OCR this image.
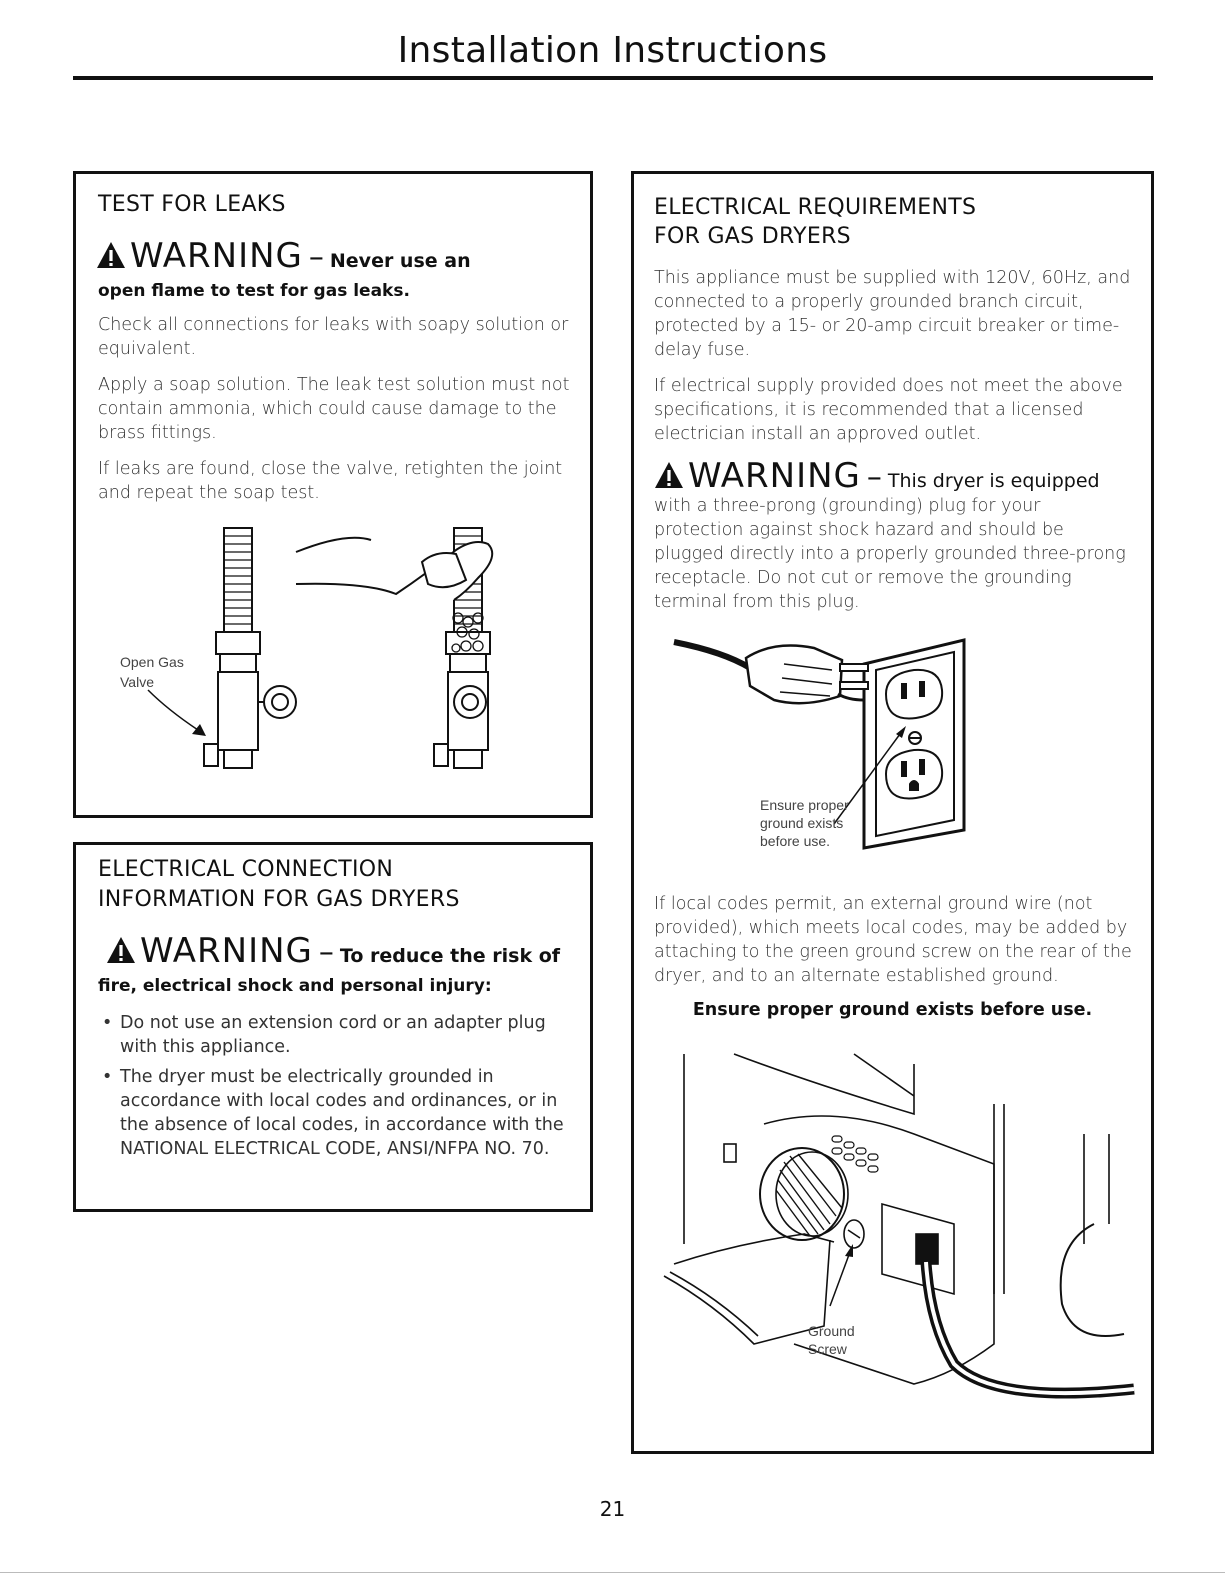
Installation Instructions
TEST FOR LEAKS
WARNING – Never use an
open flame to test for gas leaks.
Check all connections for leaks with soapy solution or equivalent.
Apply a soap solution. The leak test solution must not contain ammonia, which could cause damage to the brass fittings.
If leaks are found, close the valve, retighten the joint and repeat the soap test.
Open Gas
Valve
ELECTRICAL CONNECTION
INFORMATION FOR GAS DRYERS
WARNING – To reduce the risk of
fire, electrical shock and personal injury:
• Do not use an extension cord or an adapter plug with this appliance.
• The dryer must be electrically grounded in accordance with local codes and ordinances, or in the absence of local codes, in accordance with the NATIONAL ELECTRICAL CODE, ANSI/NFPA NO. 70.
ELECTRICAL REQUIREMENTS
FOR GAS DRYERS
This appliance must be supplied with 120V, 60Hz, and connected to a properly grounded branch circuit, protected by a 15- or 20-amp circuit breaker or time-delay fuse.
If electrical supply provided does not meet the above specifications, it is recommended that a licensed electrician install an approved outlet.
WARNING – This dryer is equipped
with a three-prong (grounding) plug for your protection against shock hazard and should be plugged directly into a properly grounded three-prong receptacle. Do not cut or remove the grounding terminal from this plug.
Ensure proper
ground exists
before use.
If local codes permit, an external ground wire (not provided), which meets local codes, may be added by attaching to the green ground screw on the rear of the dryer, and to an alternate established ground.
Ensure proper ground exists before use.
Ground
Screw
21
